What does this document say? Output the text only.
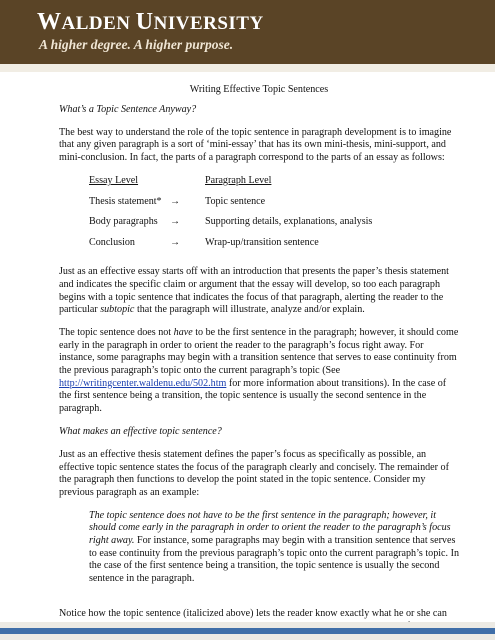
WALDEN UNIVERSITY
A higher degree. A higher purpose.

Writing Effective Topic Sentences

What’s a Topic Sentence Anyway?

The best way to understand the role of the topic sentence in paragraph development is to imagine that any given paragraph is a sort of ‘mini-essay’ that has its own mini-thesis, mini-support, and mini-conclusion. In fact, the parts of a paragraph correspond to the parts of an essay as follows:

Essay Level		Paragraph Level
Thesis statement*	→	Topic sentence
Body paragraphs	→	Supporting details, explanations, analysis
Conclusion	→	Wrap-up/transition sentence

Just as an effective essay starts off with an introduction that presents the paper’s thesis statement and indicates the specific claim or argument that the essay will develop, so too each paragraph begins with a topic sentence that indicates the focus of that paragraph, alerting the reader to the particular subtopic that the paragraph will illustrate, analyze and/or explain.

The topic sentence does not have to be the first sentence in the paragraph; however, it should come early in the paragraph in order to orient the reader to the paragraph’s focus right away. For instance, some paragraphs may begin with a transition sentence that serves to ease continuity from the previous paragraph’s topic onto the current paragraph’s topic (See http://writingcenter.waldenu.edu/502.htm for more information about transitions). In the case of the first sentence being a transition, the topic sentence is usually the second sentence in the paragraph.

What makes an effective topic sentence?

Just as an effective thesis statement defines the paper’s focus as specifically as possible, an effective topic sentence states the focus of the paragraph clearly and concisely. The remainder of the paragraph then functions to develop the point stated in the topic sentence. Consider my previous paragraph as an example:

The topic sentence does not have to be the first sentence in the paragraph; however, it should come early in the paragraph in order to orient the reader to the paragraph’s focus right away. For instance, some paragraphs may begin with a transition sentence that serves to ease continuity from the previous paragraph’s topic onto the current paragraph’s topic. In the case of the first sentence being a transition, the topic sentence is usually the second sentence in the paragraph.

Notice how the topic sentence (italicized above) lets the reader know exactly what he or she can
